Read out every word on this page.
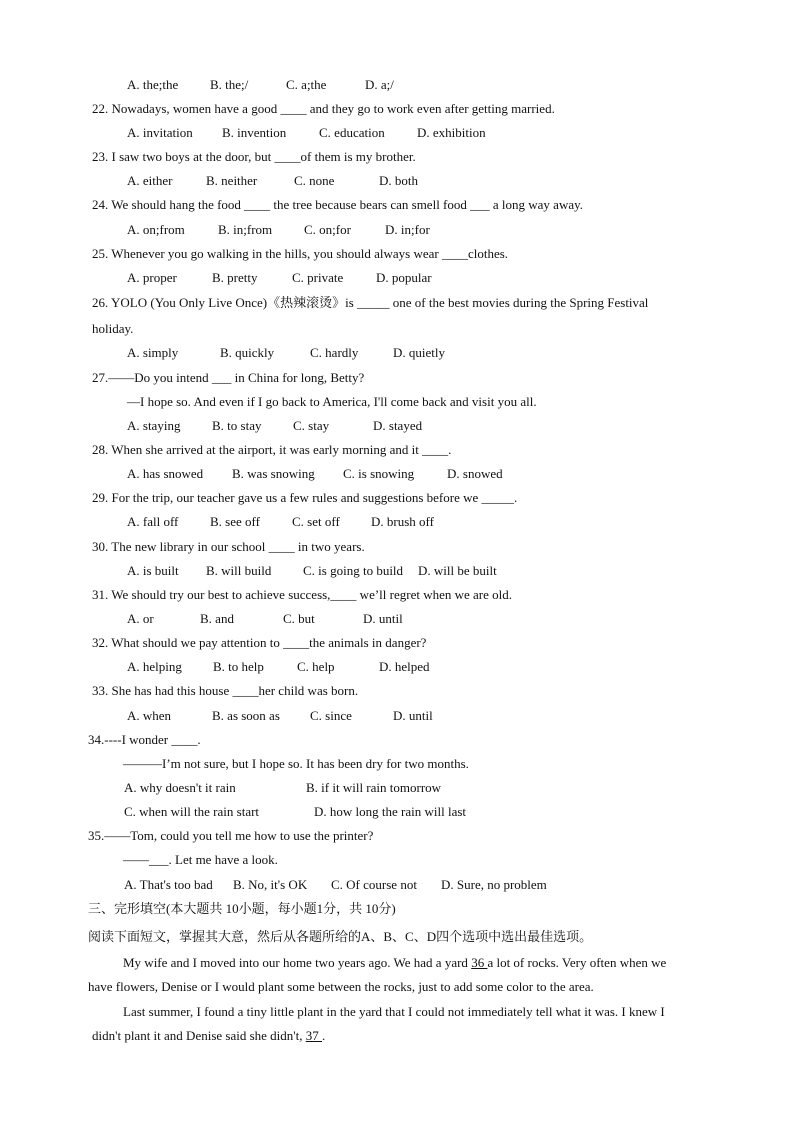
A. the;the B. the;/	C. a;the	D. a;/
22. Nowadays, women have a good ____ and they go to work even after getting married.
A. invitation B. invention	C. education D. exhibition
23. I saw two boys at the door, but ____of them is my brother.
A. either	B. neither	C. none	D. both
24. We should hang the food ____ the tree because bears can smell food ___ a long way away.
A. on;from	B. in;from C. on;for	D. in;for
25. Whenever you go walking in the hills, you should always wear ____clothes.
A. proper	B. pretty	C. private	D. popular
26. YOLO (You Only Live Once)《热辣滚烫》is _____ one of the best movies during the Spring Festival
holiday.
A. simply	B. quickly	C. hardly	D. quietly
27.——Do you intend ___ in China for long, Betty?
—I hope so. And even if I go back to America, I'll come back and visit you all.
A. staying B. to stay C. stay	D. stayed
28. When she arrived at the airport, it was early morning and it ____.
A. has snowed B. was snowing C. is snowing	D. snowed
29. For the trip, our teacher gave us a few rules and suggestions before we _____.
A. fall off B. see off C. set off D. brush off
30. The new library in our school ____ in two years.
A. is built B. will build C. is going to build D. will be built
31. We should try our best to achieve success,____ we’ll regret when we are old.
A. or	B. and	C. but	D. until
32. What should we pay attention to ____the animals in danger?
A. helping B. to help	C. help	D. helped
33. She has had this house ____her child was born.
A. when	B. as soon as C. since	D. until
34.----I wonder ____.
———I’m not sure, but I hope so. It has been dry for two months.
A. why doesn't it rain	B. if it will rain tomorrow
C. when will the rain start	D. how long the rain will last
35.——Tom, could you tell me how to use the printer?
——___. Let me have a look.
A. That's too bad B. No, it's OK C. Of course not D. Sure, no problem
三、完形填空(本大题共 10小题，每小题1分，共 10分)
阅读下面短文，掌握其大意，然后从各题所给的A、B、C、D四个选项中选出最佳选项。
My wife and I moved into our home two years ago. We had a yard 36 a lot of rocks. Very often when we
have flowers, Denise or I would plant some between the rocks, just to add some color to the area.
Last summer, I found a tiny little plant in the yard that I could not immediately tell what it was. I knew I
didn't plant it and Denise said she didn't, 37 .
